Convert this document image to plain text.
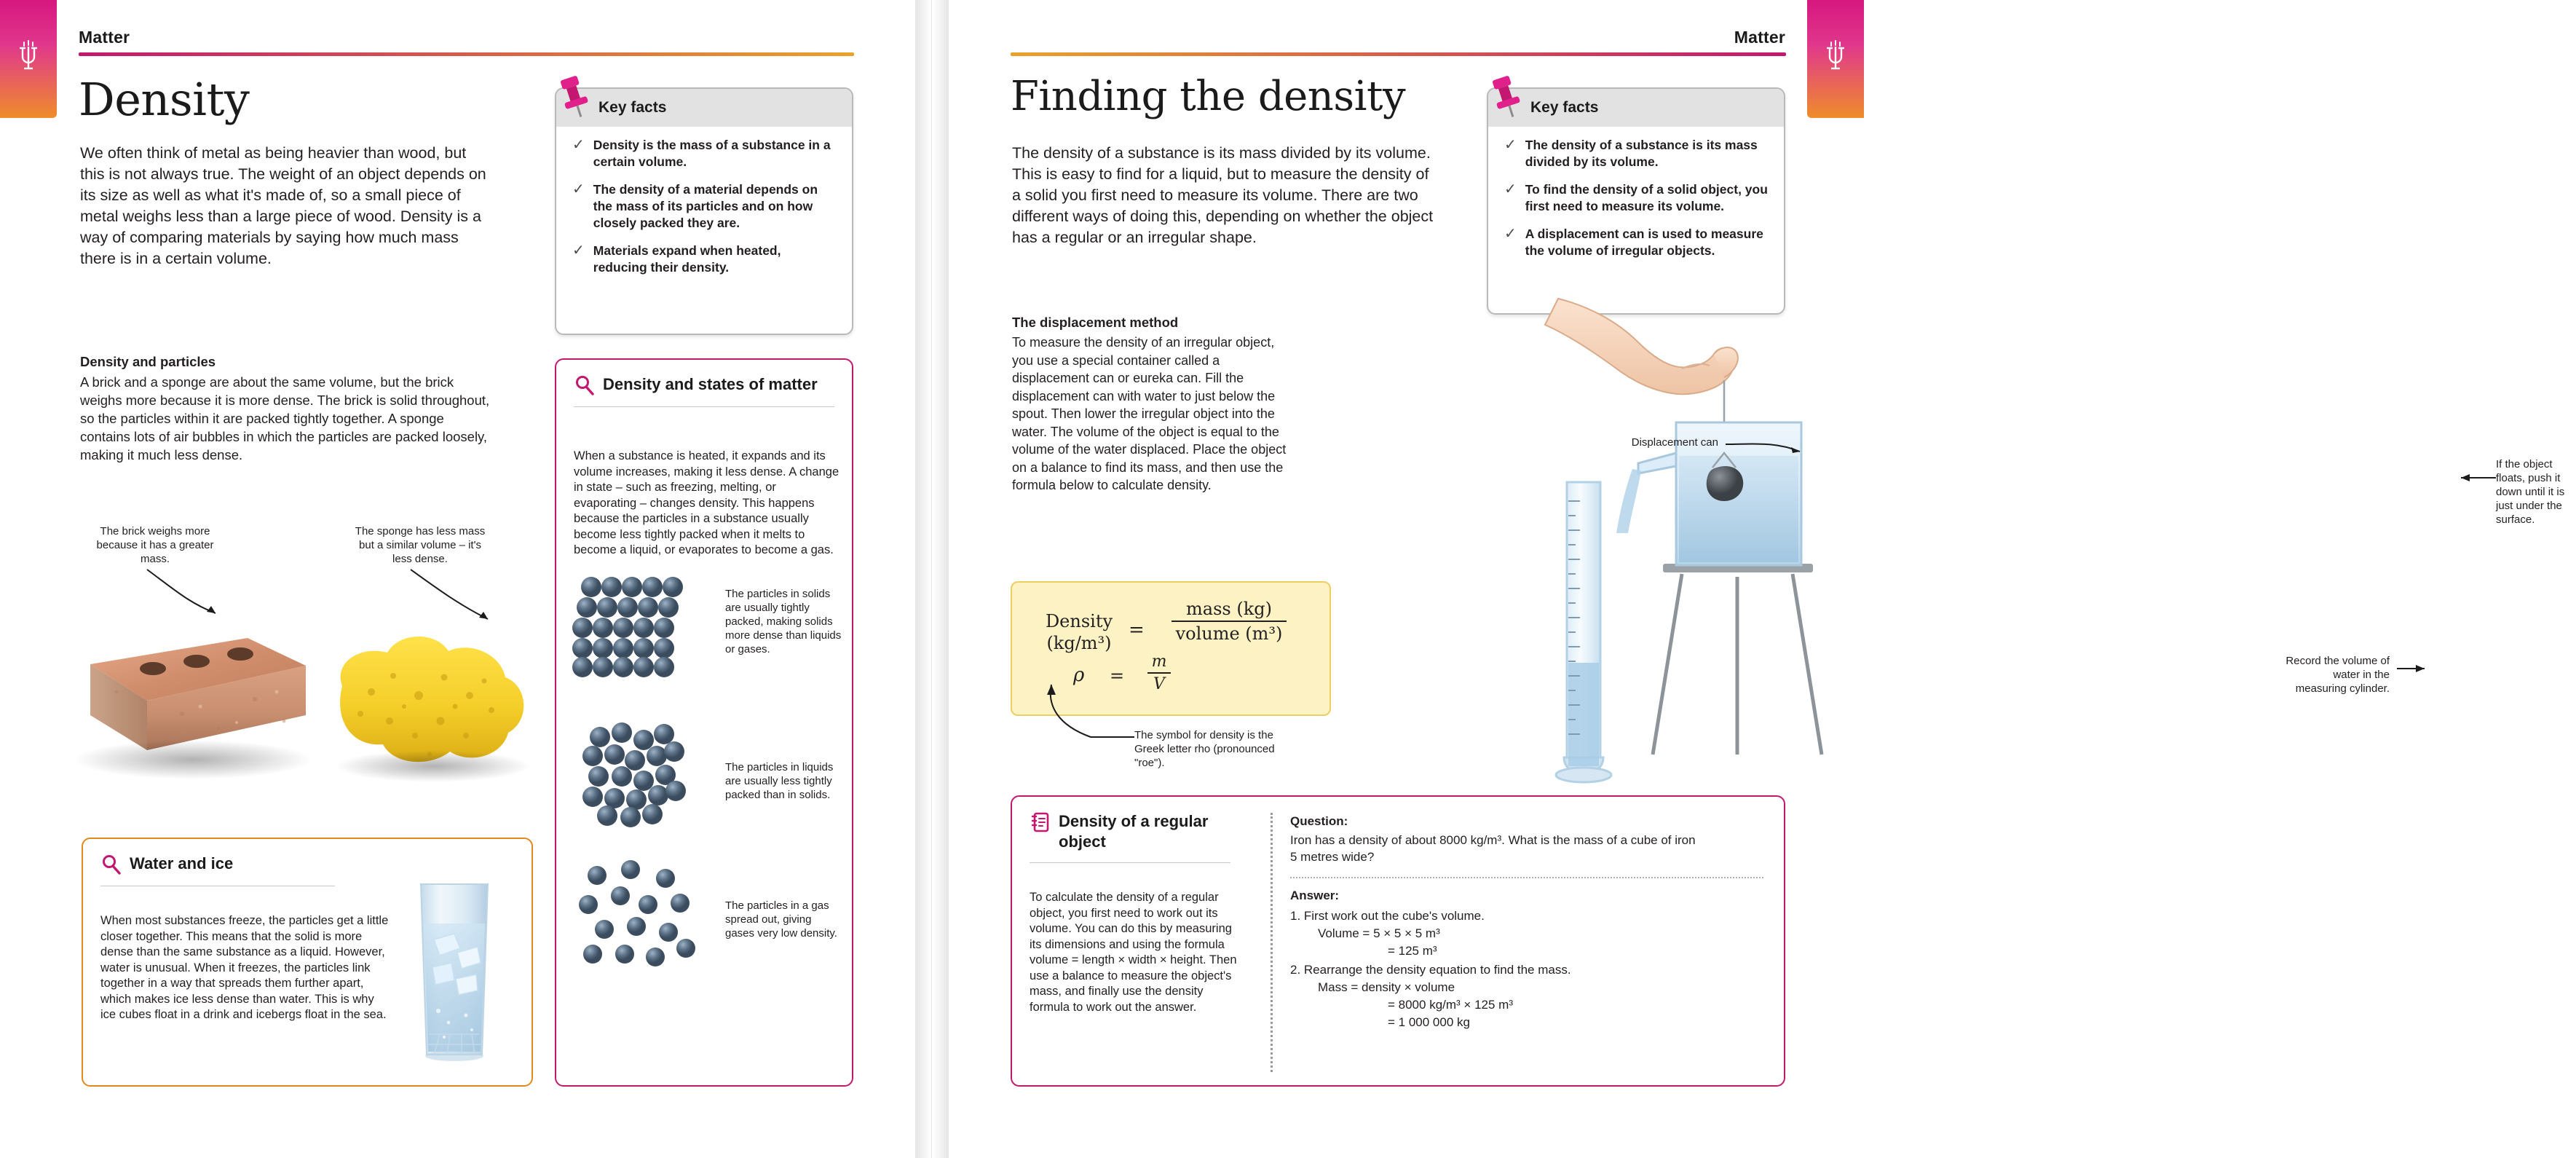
Matter
Density
We often think of metal as being heavier than wood, but this is not always true. The weight of an object depends on its size as well as what it's made of, so a small piece of metal weighs less than a large piece of wood. Density is a way of comparing materials by saying how much mass there is in a certain volume.
Density and particles
A brick and a sponge are about the same volume, but the brick weighs more because it is more dense. The brick is solid throughout, so the particles within it are packed tightly together. A sponge contains lots of air bubbles in which the particles are packed loosely, making it much less dense.
The brick weighs more because it has a greater mass.
The sponge has less mass but a similar volume – it's less dense.
Key facts
✓ Density is the mass of a substance in a certain volume.
✓ The density of a material depends on the mass of its particles and on how closely packed they are.
✓ Materials expand when heated, reducing their density.
Density and states of matter
When a substance is heated, it expands and its volume increases, making it less dense. A change in state – such as freezing, melting, or evaporating – changes density. This happens because the particles in a substance usually become less tightly packed when it melts to become a liquid, or evaporates to become a gas.
The particles in solids are usually tightly packed, making solids more dense than liquids or gases.
The particles in liquids are usually less tightly packed than in solids.
The particles in a gas spread out, giving gases very low density.
Water and ice
When most substances freeze, the particles get a little closer together. This means that the solid is more dense than the same substance as a liquid. However, water is unusual. When it freezes, the particles link together in a way that spreads them further apart, which makes ice less dense than water. This is why ice cubes float in a drink and icebergs float in the sea.
Matter
Finding the density
The density of a substance is its mass divided by its volume. This is easy to find for a liquid, but to measure the density of a solid you first need to measure its volume. There are two different ways of doing this, depending on whether the object has a regular or an irregular shape.
The displacement method
To measure the density of an irregular object, you use a special container called a displacement can or eureka can. Fill the displacement can with water to just below the spout. Then lower the irregular object into the water. The volume of the object is equal to the volume of the water displaced. Place the object on a balance to find its mass, and then use the formula below to calculate density.
Key facts
✓ The density of a substance is its mass divided by its volume.
✓ To find the density of a solid object, you first need to measure its volume.
✓ A displacement can is used to measure the volume of irregular objects.
Displacement can
If the object floats, push it down until it is just under the surface.
Record the volume of water in the measuring cylinder.
Density (kg/m³)
= $\frac{\text{mass (kg)}}{\text{volume (m³)}}$
$\rho = \frac{m}{V}$
The symbol for density is the Greek letter rho (pronounced "roe").
Density of a regular object
To calculate the density of a regular object, you first need to work out its volume. You can do this by measuring its dimensions and using the formula volume = length × width × height. Then use a balance to measure the object's mass, and finally use the density formula to work out the answer.
Question:
Iron has a density of about 8000 kg/m³. What is the mass of a cube of iron 5 metres wide?
Answer:
1. First work out the cube's volume.
Volume = 5 × 5 × 5 m³
= 125 m³
2. Rearrange the density equation to find the mass.
Mass = density × volume
= 8000 kg/m³ × 125 m³
= 1 000 000 kg
